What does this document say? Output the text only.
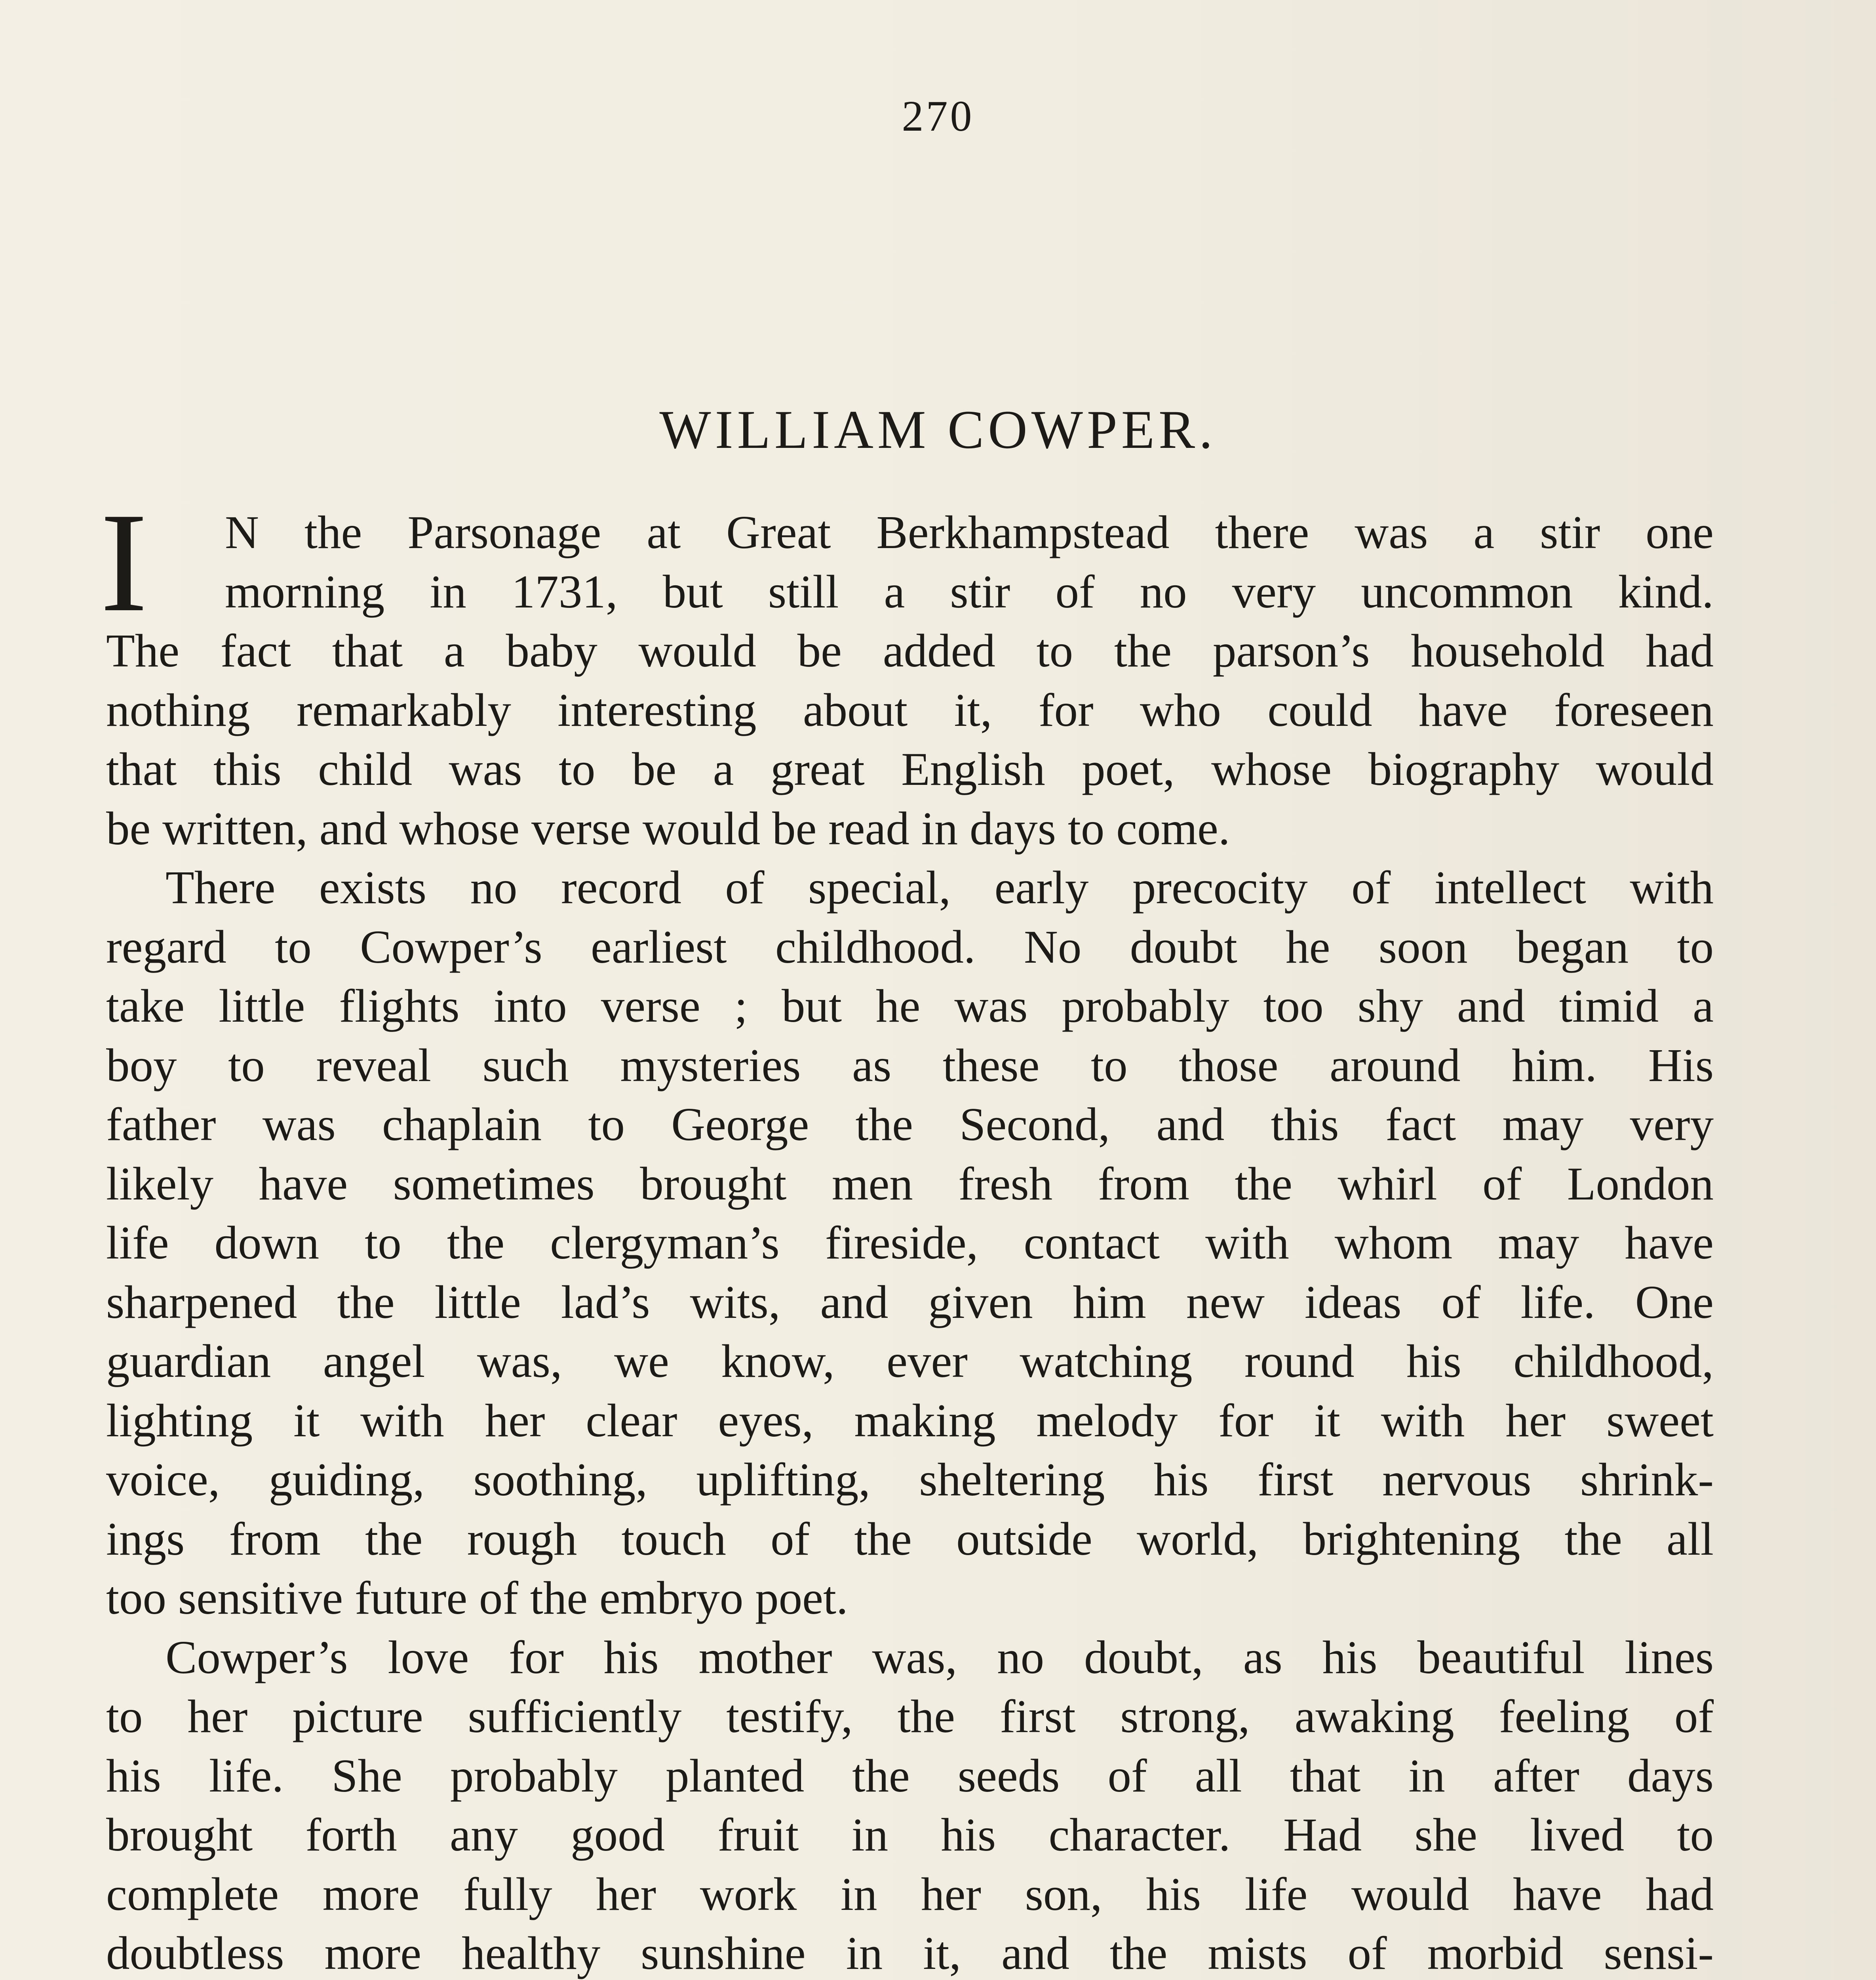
270
WILLIAM COWPER.
I N the Parsonage at Great Berkhampstead there was a stir one
morning in 1731, but still a stir of no very uncommon kind.
The fact that a baby would be added to the parson’s household had
nothing remarkably interesting about it, for who could have foreseen
that this child was to be a great English poet, whose biography would
be written, and whose verse would be read in days to come.
There exists no record of special, early precocity of intellect with
regard to Cowper’s earliest childhood. No doubt he soon began to
take little flights into verse ; but he was probably too shy and timid a
boy to reveal such mysteries as these to those around him. His
father was chaplain to George the Second, and this fact may very
likely have sometimes brought men fresh from the whirl of London
life down to the clergyman’s fireside, contact with whom may have
sharpened the little lad’s wits, and given him new ideas of life. One
guardian angel was, we know, ever watching round his childhood,
lighting it with her clear eyes, making melody for it with her sweet
voice, guiding, soothing, uplifting, sheltering his first nervous shrink-
ings from the rough touch of the outside world, brightening the all
too sensitive future of the embryo poet.
Cowper’s love for his mother was, no doubt, as his beautiful lines
to her picture sufficiently testify, the first strong, awaking feeling of
his life. She probably planted the seeds of all that in after days
brought forth any good fruit in his character. Had she lived to
complete more fully her work in her son, his life would have had
doubtless more healthy sunshine in it, and the mists of morbid sensi-
